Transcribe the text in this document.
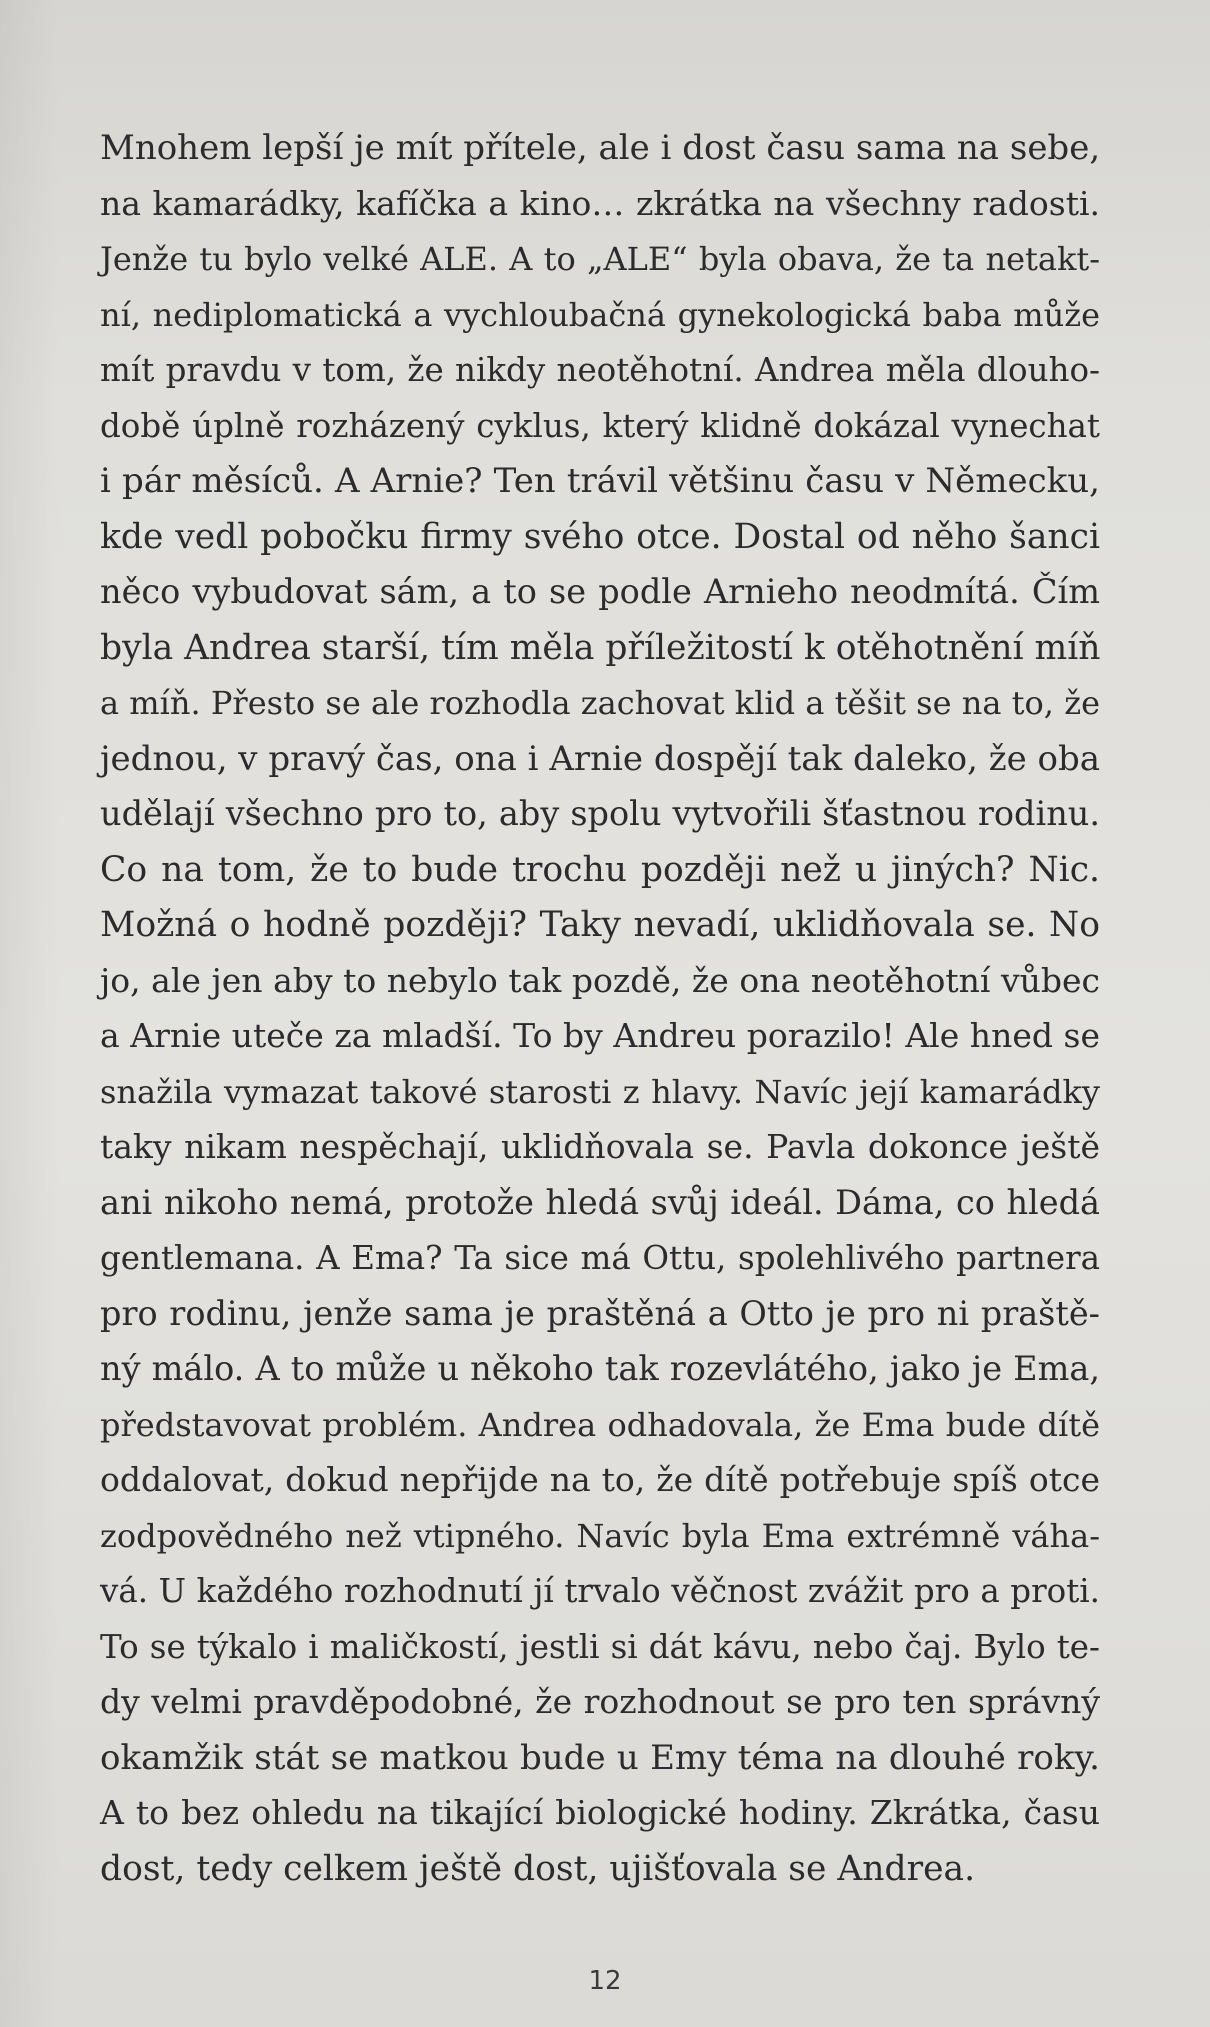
Mnohem lepší je mít přítele, ale i dost času sama na sebe,
na kamarádky, kafíčka a kino… zkrátka na všechny radosti.
Jenže tu bylo velké ALE. A to „ALE“ byla obava, že ta netakt-
ní, nediplomatická a vychloubačná gynekologická baba může
mít pravdu v tom, že nikdy neotěhotní. Andrea měla dlouho-
době úplně rozházený cyklus, který klidně dokázal vynechat
i pár měsíců. A Arnie? Ten trávil většinu času v Německu,
kde vedl pobočku firmy svého otce. Dostal od něho šanci
něco vybudovat sám, a to se podle Arnieho neodmítá. Čím
byla Andrea starší, tím měla příležitostí k otěhotnění míň
a míň. Přesto se ale rozhodla zachovat klid a těšit se na to, že
jednou, v pravý čas, ona i Arnie dospějí tak daleko, že oba
udělají všechno pro to, aby spolu vytvořili šťastnou rodinu.
Co na tom, že to bude trochu později než u jiných? Nic.
Možná o hodně později? Taky nevadí, uklidňovala se. No
jo, ale jen aby to nebylo tak pozdě, že ona neotěhotní vůbec
a Arnie uteče za mladší. To by Andreu porazilo! Ale hned se
snažila vymazat takové starosti z hlavy. Navíc její kamarádky
taky nikam nespěchají, uklidňovala se. Pavla dokonce ještě
ani nikoho nemá, protože hledá svůj ideál. Dáma, co hledá
gentlemana. A Ema? Ta sice má Ottu, spolehlivého partnera
pro rodinu, jenže sama je praštěná a Otto je pro ni praště-
ný málo. A to může u někoho tak rozevlátého, jako je Ema,
představovat problém. Andrea odhadovala, že Ema bude dítě
oddalovat, dokud nepřijde na to, že dítě potřebuje spíš otce
zodpovědného než vtipného. Navíc byla Ema extrémně váha-
vá. U každého rozhodnutí jí trvalo věčnost zvážit pro a proti.
To se týkalo i maličkostí, jestli si dát kávu, nebo čaj. Bylo te-
dy velmi pravděpodobné, že rozhodnout se pro ten správný
okamžik stát se matkou bude u Emy téma na dlouhé roky.
A to bez ohledu na tikající biologické hodiny. Zkrátka, času
dost, tedy celkem ještě dost, ujišťovala se Andrea.
12
